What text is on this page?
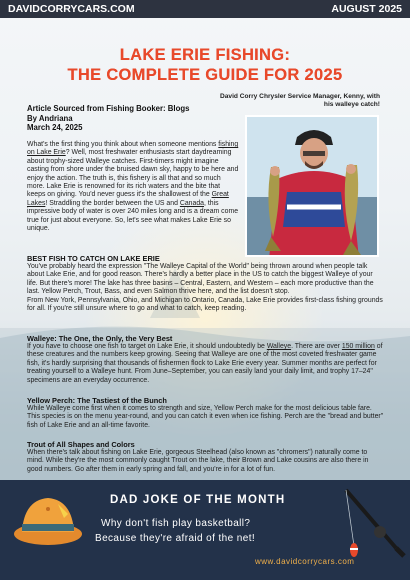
DAVIDCORRYCARS.COM	AUGUST 2025
LAKE ERIE FISHING:
THE COMPLETE GUIDE FOR 2025
David Corry Chrysler Service Manager, Kenny, with his walleye catch!
Article Sourced from Fishing Booker: Blogs
By Andriana
March 24, 2025
What's the first thing you think about when someone mentions fishing on Lake Erie? Well, most freshwater enthusiasts start daydreaming about trophy-sized Walleye catches. First-timers might imagine casting from shore under the bruised dawn sky, happy to be here and enjoy the action. The truth is, this fishery is all that and so much more. Lake Erie is renowned for its rich waters and the bite that keeps on giving. You'd never guess it's the shallowest of the Great Lakes! Straddling the border between the US and Canada, this impressive body of water is over 240 miles long and is a dream come true for just about everyone. So, let's see what makes Lake Erie so unique.
BEST FISH TO CATCH ON LAKE ERIE
You've probably heard the expression "The Walleye Capital of the World" being thrown around when people talk about Lake Erie, and for good reason. There's hardly a better place in the US to catch the biggest Walleye of your life. But there's more! The lake has three basins – Central, Eastern, and Western – each more productive than the last. Yellow Perch, Trout, Bass, and even Salmon thrive here, and the list doesn't stop.
From New York, Pennsylvania, Ohio, and Michigan to Ontario, Canada, Lake Erie provides first-class fishing grounds for all. If you're still unsure where to go and what to catch, keep reading.
Walleye: The One, the Only, the Very Best
If you have to choose one fish to target on Lake Erie, it should undoubtedly be Walleye. There are over 150 million of these creatures and the numbers keep growing. Seeing that Walleye are one of the most coveted freshwater game fish, it's hardly surprising that thousands of fishermen flock to Lake Erie every year. Summer months are perfect for treating yourself to a Walleye hunt. From June–September, you can easily land your daily limit, and trophy 17–24" specimens are an everyday occurrence.
Yellow Perch: The Tastiest of the Bunch
While Walleye come first when it comes to strength and size, Yellow Perch make for the most delicious table fare. This species is on the menu year-round, and you can catch it even when ice fishing. Perch are the "bread and butter" fish of Lake Erie and an all-time favorite.
Trout of All Shapes and Colors
When there's talk about fishing on Lake Erie, gorgeous Steelhead (also known as "chromers") naturally come to mind. While they're the most commonly caught Trout on the lake, their Brown and Lake cousins are also there in good numbers. Go after them in early spring and fall, and you're in for a lot of fun.
DAD JOKE OF THE MONTH
Why don't fish play basketball?
Because they're afraid of the net!
www.davidcorrycars.com
